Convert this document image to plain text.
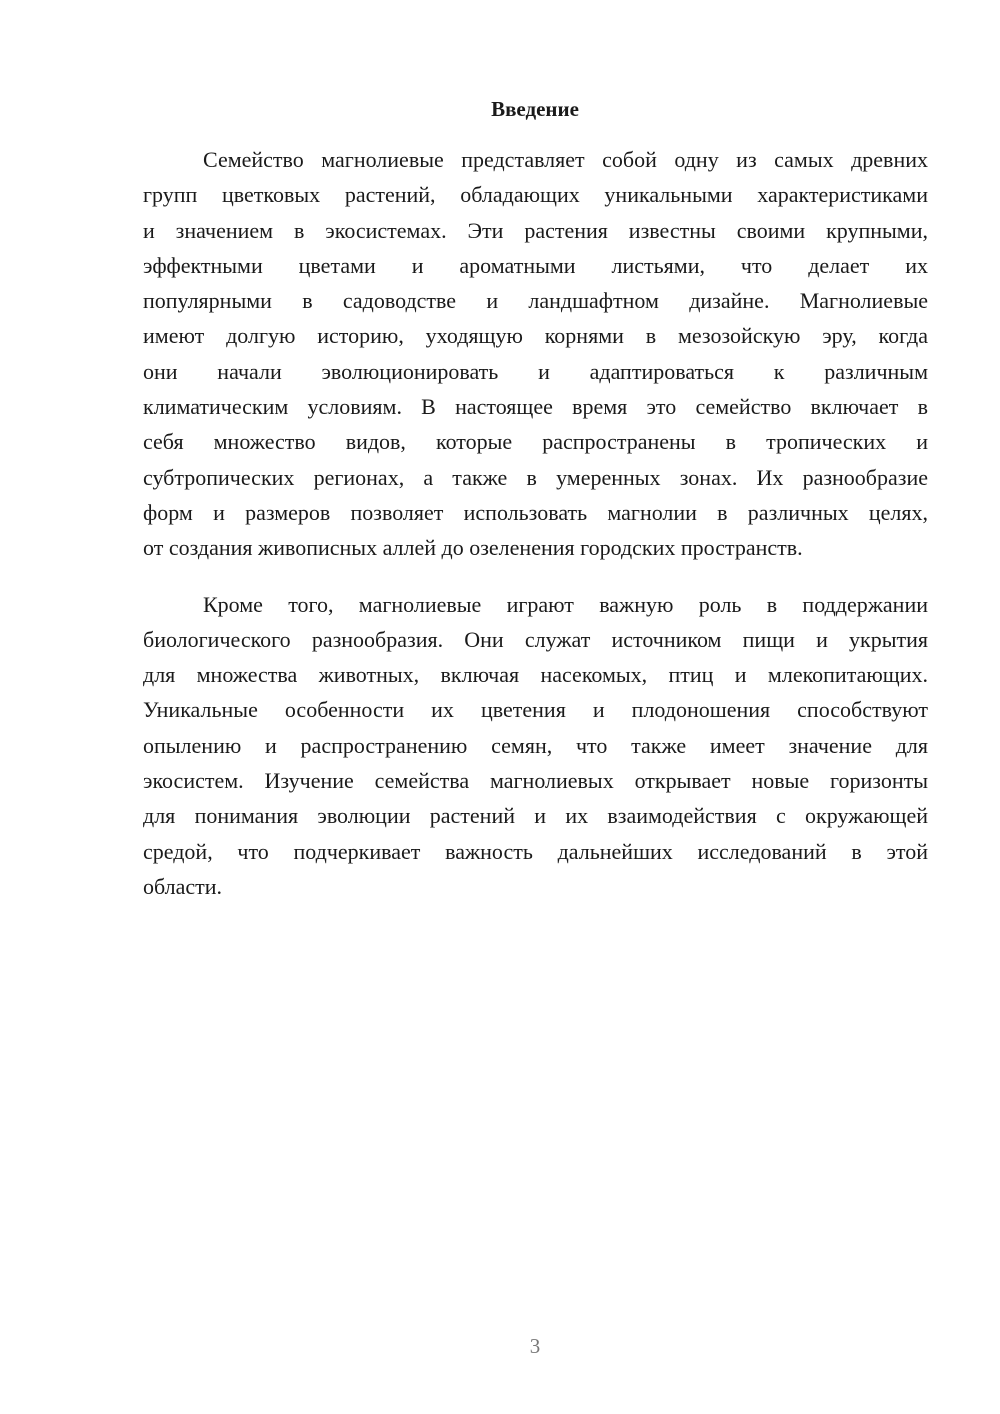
Введение
Семейство магнолиевые представляет собой одну из самых древних
групп цветковых растений, обладающих уникальными характеристиками
и значением в экосистемах. Эти растения известны своими крупными,
эффектными цветами и ароматными листьями, что делает их
популярными в садоводстве и ландшафтном дизайне. Магнолиевые
имеют долгую историю, уходящую корнями в мезозойскую эру, когда
они начали эволюционировать и адаптироваться к различным
климатическим условиям. В настоящее время это семейство включает в
себя множество видов, которые распространены в тропических и
субтропических регионах, а также в умеренных зонах. Их разнообразие
форм и размеров позволяет использовать магнолии в различных целях,
от создания живописных аллей до озеленения городских пространств.
Кроме того, магнолиевые играют важную роль в поддержании
биологического разнообразия. Они служат источником пищи и укрытия
для множества животных, включая насекомых, птиц и млекопитающих.
Уникальные особенности их цветения и плодоношения способствуют
опылению и распространению семян, что также имеет значение для
экосистем. Изучение семейства магнолиевых открывает новые горизонты
для понимания эволюции растений и их взаимодействия с окружающей
средой, что подчеркивает важность дальнейших исследований в этой
области.
3
